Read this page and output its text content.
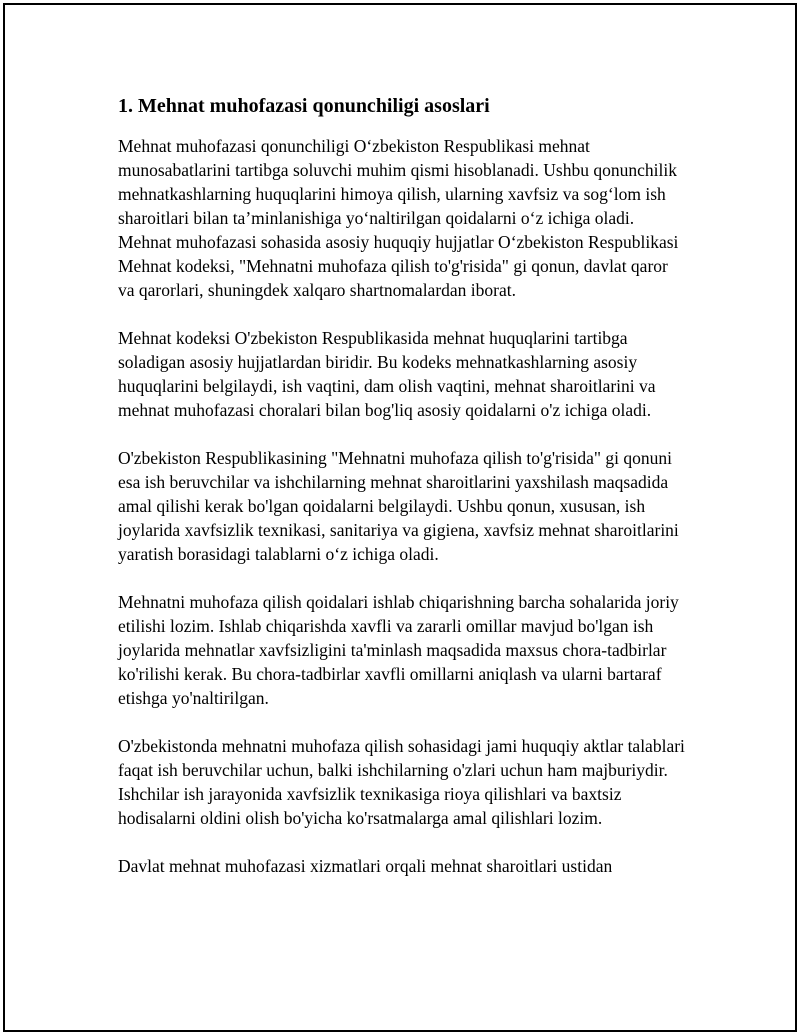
1. Mehnat muhofazasi qonunchiligi asoslari

Mehnat muhofazasi qonunchiligi O‘zbekiston Respublikasi mehnat munosabatlarini tartibga soluvchi muhim qismi hisoblanadi. Ushbu qonunchilik mehnatkashlarning huquqlarini himoya qilish, ularning xavfsiz va sog‘lom ish sharoitlari bilan ta’minlanishiga yo‘naltirilgan qoidalarni o‘z ichiga oladi. Mehnat muhofazasi sohasida asosiy huquqiy hujjatlar O‘zbekiston Respublikasi Mehnat kodeksi, "Mehnatni muhofaza qilish to'g'risida" gi qonun, davlat qaror va qarorlari, shuningdek xalqaro shartnomalardan iborat.

Mehnat kodeksi O'zbekiston Respublikasida mehnat huquqlarini tartibga soladigan asosiy hujjatlardan biridir. Bu kodeks mehnatkashlarning asosiy huquqlarini belgilaydi, ish vaqtini, dam olish vaqtini, mehnat sharoitlarini va mehnat muhofazasi choralari bilan bog'liq asosiy qoidalarni o'z ichiga oladi.

O'zbekiston Respublikasining "Mehnatni muhofaza qilish to'g'risida" gi qonuni esa ish beruvchilar va ishchilarning mehnat sharoitlarini yaxshilash maqsadida amal qilishi kerak bo'lgan qoidalarni belgilaydi. Ushbu qonun, xususan, ish joylarida xavfsizlik texnikasi, sanitariya va gigiena, xavfsiz mehnat sharoitlarini yaratish borasidagi talablarni o‘z ichiga oladi.

Mehnatni muhofaza qilish qoidalari ishlab chiqarishning barcha sohalarida joriy etilishi lozim. Ishlab chiqarishda xavfli va zararli omillar mavjud bo'lgan ish joylarida mehnatlar xavfsizligini ta'minlash maqsadida maxsus chora-tadbirlar ko'rilishi kerak. Bu chora-tadbirlar xavfli omillarni aniqlash va ularni bartaraf etishga yo'naltirilgan.

O'zbekistonda mehnatni muhofaza qilish sohasidagi jami huquqiy aktlar talablari faqat ish beruvchilar uchun, balki ishchilarning o'zlari uchun ham majburiydir. Ishchilar ish jarayonida xavfsizlik texnikasiga rioya qilishlari va baxtsiz hodisalarni oldini olish bo'yicha ko'rsatmalarga amal qilishlari lozim.

Davlat mehnat muhofazasi xizmatlari orqali mehnat sharoitlari ustidan
